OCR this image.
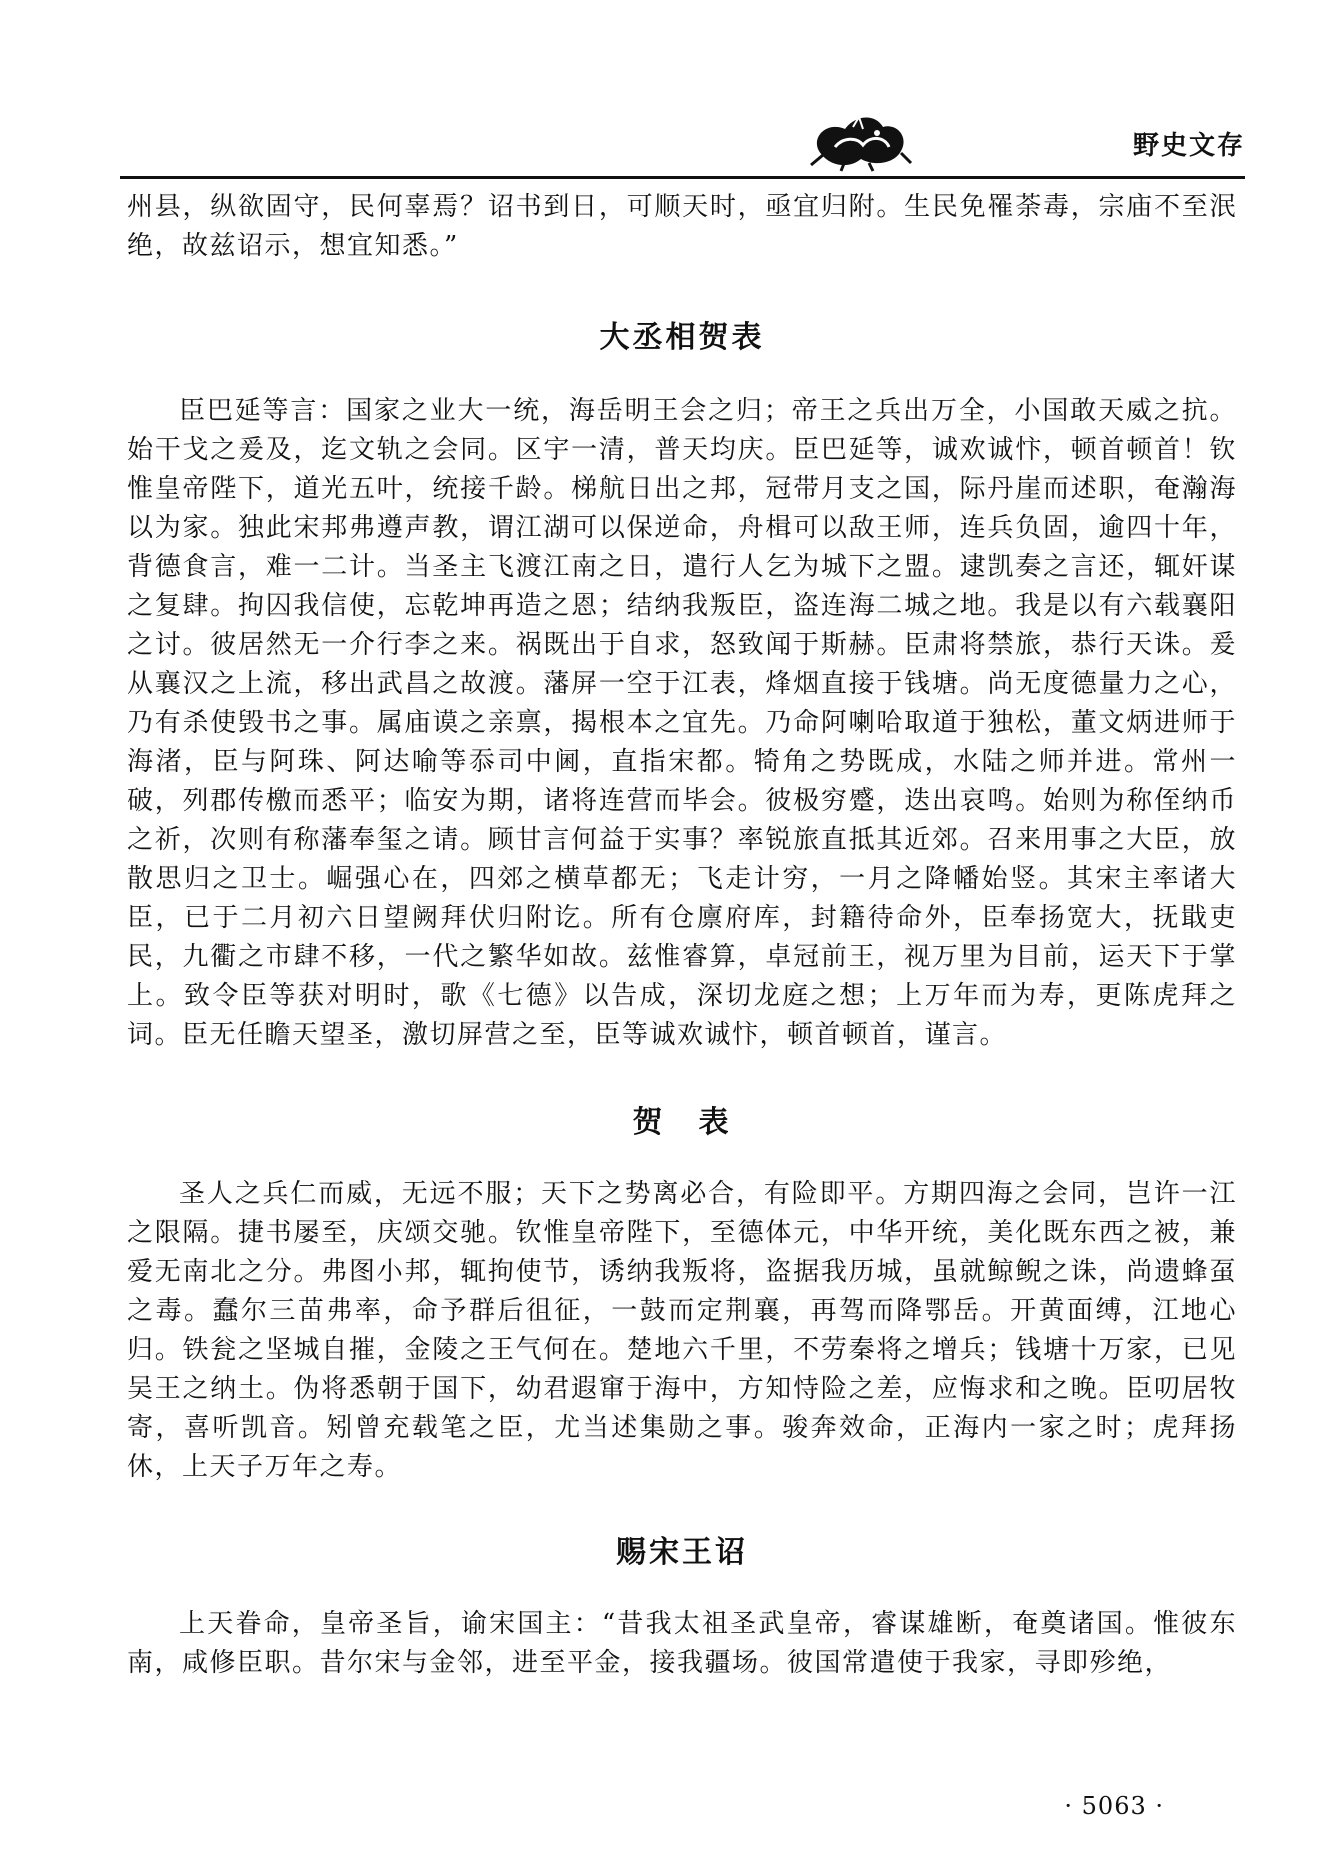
野史文存

州县，纵欲固守，民何辜焉？诏书到日，可顺天时，亟宜归附。生民免罹荼毒，宗庙不至泯绝，故兹诏示，想宜知悉。”

大丞相贺表

臣巴延等言：国家之业大一统，海岳明王会之归；帝王之兵出万全，小国敢天威之抗。始干戈之爰及，迄文轨之会同。区宇一清，普天均庆。臣巴延等，诚欢诚忭，顿首顿首！钦惟皇帝陛下，道光五叶，统接千龄。梯航日出之邦，冠带月支之国，际丹崖而述职，奄瀚海以为家。独此宋邦弗遵声教，谓江湖可以保逆命，舟楫可以敌王师，连兵负固，逾四十年，背德食言，难一二计。当圣主飞渡江南之日，遣行人乞为城下之盟。逮凯奏之言还，辄奸谋之复肆。拘囚我信使，忘乾坤再造之恩；结纳我叛臣，盗连海二城之地。我是以有六载襄阳之讨。彼居然无一介行李之来。祸既出于自求，怒致闻于斯赫。臣肃将禁旅，恭行天诛。爰从襄汉之上流，移出武昌之故渡。藩屏一空于江表，烽烟直接于钱塘。尚无度德量力之心，乃有杀使毁书之事。属庙谟之亲禀，揭根本之宜先。乃命阿喇哈取道于独松，董文炳进师于海渚，臣与阿珠、阿达喻等忝司中阃，直指宋都。犄角之势既成，水陆之师并进。常州一破，列郡传檄而悉平；临安为期，诸将连营而毕会。彼极穷蹙，迭出哀鸣。始则为称侄纳币之祈，次则有称藩奉玺之请。顾甘言何益于实事？率锐旅直抵其近郊。召来用事之大臣，放散思归之卫士。崛强心在，四郊之横草都无；飞走计穷，一月之降幡始竖。其宋主率诸大臣，已于二月初六日望阙拜伏归附讫。所有仓廪府库，封籍待命外，臣奉扬宽大，抚戢吏民，九衢之市肆不移，一代之繁华如故。兹惟睿算，卓冠前王，视万里为目前，运天下于掌上。致令臣等获对明时，歌《七德》以告成，深切龙庭之想；上万年而为寿，更陈虎拜之词。臣无任瞻天望圣，激切屏营之至，臣等诚欢诚忭，顿首顿首，谨言。

贺　表

圣人之兵仁而威，无远不服；天下之势离必合，有险即平。方期四海之会同，岂许一江之限隔。捷书屡至，庆颂交驰。钦惟皇帝陛下，至德体元，中华开统，美化既东西之被，兼爱无南北之分。弗图小邦，辄拘使节，诱纳我叛将，盗据我历城，虽就鲸鲵之诛，尚遗蜂虿之毒。蠢尔三苗弗率，命予群后徂征，一鼓而定荆襄，再驾而降鄂岳。开黄面缚，江地心归。铁瓮之坚城自摧，金陵之王气何在。楚地六千里，不劳秦将之增兵；钱塘十万家，已见吴王之纳土。伪将悉朝于国下，幼君遐窜于海中，方知恃险之差，应悔求和之晚。臣叨居牧寄，喜听凯音。矧曾充载笔之臣，尤当述集勋之事。骏奔效命，正海内一家之时；虎拜扬休，上天子万年之寿。

赐宋王诏

上天眷命，皇帝圣旨，谕宋国主：“昔我太祖圣武皇帝，睿谋雄断，奄奠诸国。惟彼东南，咸修臣职。昔尔宋与金邻，进至平金，接我疆场。彼国常遣使于我家，寻即殄绝，

· 5063 ·
